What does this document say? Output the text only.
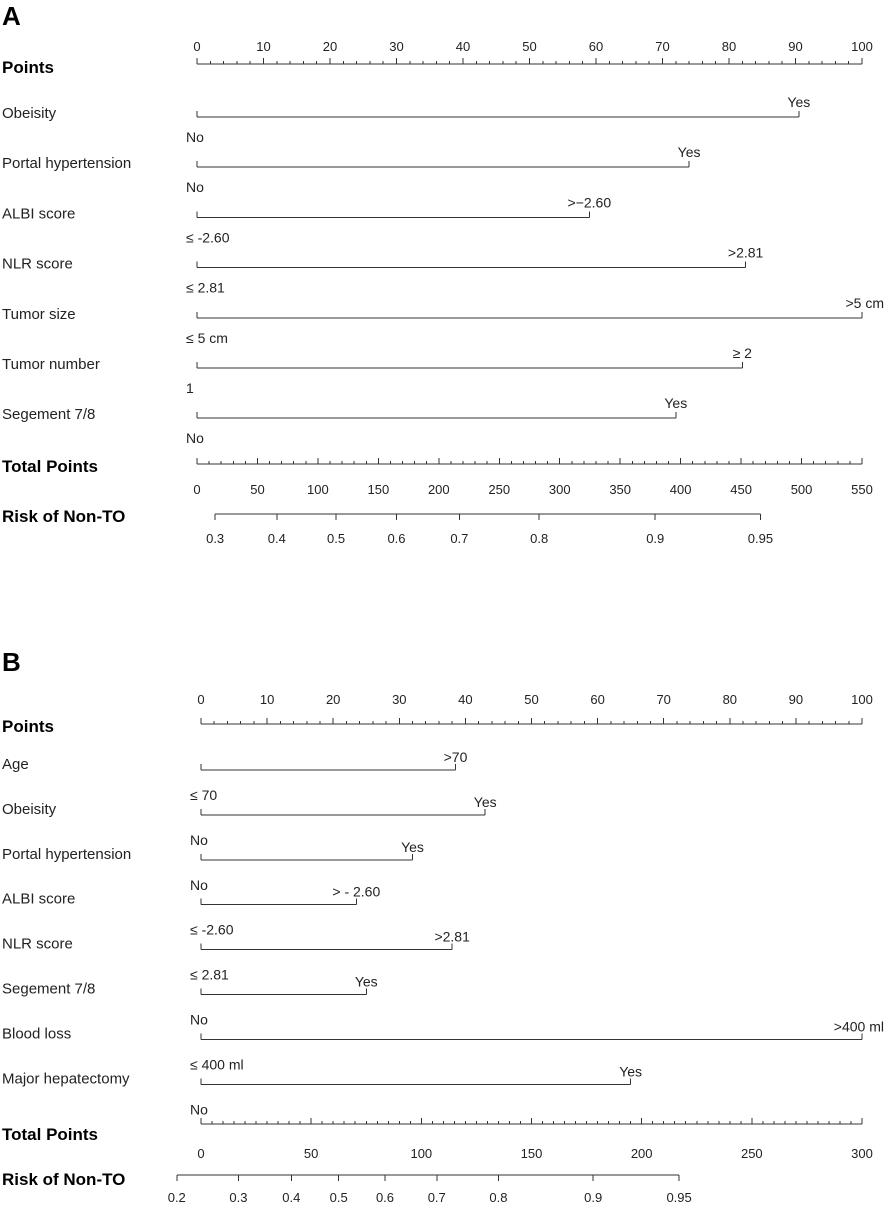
A
Points
0	10	20	30	40	50	60	70	80	90	100
Obeisity
No
Yes
Portal hypertension
No
Yes
ALBI score
≤ -2.60
>−2.60
NLR score
≤ 2.81
>2.81
Tumor size
≤ 5 cm
>5 cm
Tumor number
1
≥ 2
Segement 7/8
No
Yes
Total Points
0	50	100	150	200	250	300	350	400	450	500	550
Risk of Non-TO
0.3	0.4	0.5	0.6	0.7	0.8	0.9	0.95
B
Points
0	10	20	30	40	50	60	70	80	90	100
Age
≤ 70
>70
Obeisity
No
Yes
Portal hypertension
No
Yes
ALBI score
≤ -2.60
> - 2.60
NLR score
≤ 2.81
>2.81
Segement 7/8
No
Yes
Blood loss
≤ 400 ml
>400 ml
Major hepatectomy
No
Yes
Total Points
0	50	100	150	200	250	300
Risk of Non-TO
0.2	0.3	0.4 0.5 0.6	0.7	0.8	0.9	0.95
